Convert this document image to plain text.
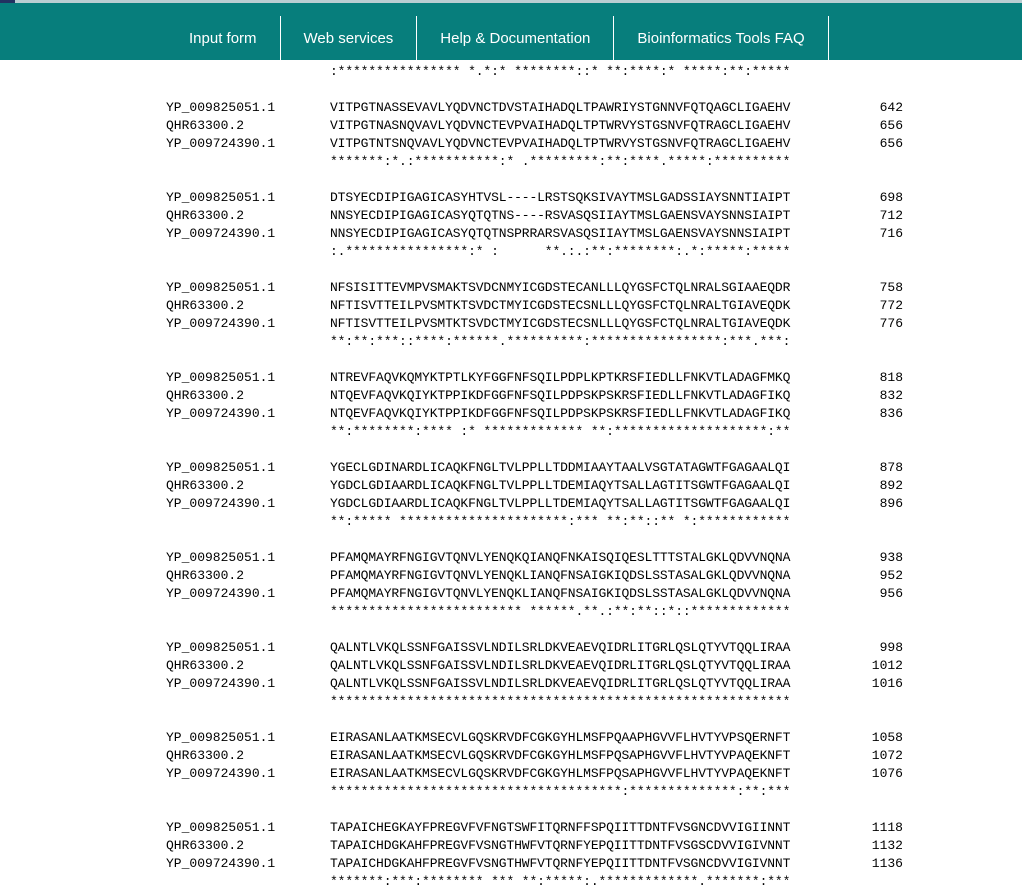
Input form	Web services	Help & Documentation	Bioinformatics Tools FAQ
:**************** *.*:* ********::* **:****:* *****:**:*****
YP_009825051.1	VITPGTNASSEVAVLYQDVNCTDVSTAIHADQLTPAWRIYSTGNNVFQTQAGCLIGAEHV	642
QHR63300.2	VITPGTNASNQVAVLYQDVNCTEVPVAIHADQLTPTWRVYSTGSNVFQTRAGCLIGAEHV	656
YP_009724390.1	VITPGTNTSNQVAVLYQDVNCTEVPVAIHADQLTPTWRVYSTGSNVFQTRAGCLIGAEHV	656
*******:*.:***********:* .*********:**:****.*****:**********
YP_009825051.1	DTSYECDIPIGAGICASYHTVSL----LRSTSQKSIVAYTMSLGADSSIAYSNNTIAIPT	698
QHR63300.2	NNSYECDIPIGAGICASYQTQTNS----RSVASQSIIAYTMSLGAENSVAYSNNSIAIPT	712
YP_009724390.1	NNSYECDIPIGAGICASYQTQTNSPRRARSVASQSIIAYTMSLGAENSVAYSNNSIAIPT	716
:.****************:* :      **.:.:**:********:.*:*****:*****
YP_009825051.1	NFSISITTEVMPVSMAKTSVDCNMYICGDSTECANLLLQYGSFCTQLNRALSGIAAEQDR	758
QHR63300.2	NFTISVTTEILPVSMTKTSVDCTMYICGDSTECSNLLLQYGSFCTQLNRALTGIAVEQDK	772
YP_009724390.1	NFTISVTTEILPVSMTKTSVDCTMYICGDSTECSNLLLQYGSFCTQLNRALTGIAVEQDK	776
**:**:***::****:******.**********:*****************:***.***:
YP_009825051.1	NTREVFAQVKQMYKTPTLKYFGGFNFSQILPDPLKPTKRSFIEDLLFNKVTLADAGFMKQ	818
QHR63300.2	NTQEVFAQVKQIYKTPPIKDFGGFNFSQILPDPSKPSKRSFIEDLLFNKVTLADAGFIKQ	832
YP_009724390.1	NTQEVFAQVKQIYKTPPIKDFGGFNFSQILPDPSKPSKRSFIEDLLFNKVTLADAGFIKQ	836
**:********:**** :* ************* **:********************:**
YP_009825051.1	YGECLGDINARDLICAQKFNGLTVLPPLLTDDMIAAYTAALVSGTATAGWTFGAGAALQI	878
QHR63300.2	YGDCLGDIAARDLICAQKFNGLTVLPPLLTDEMIAQYTSALLAGTITSGWTFGAGAALQI	892
YP_009724390.1	YGDCLGDIAARDLICAQKFNGLTVLPPLLTDEMIAQYTSALLAGTITSGWTFGAGAALQI	896
**:***** **********************:*** **:**::** *:************
YP_009825051.1	PFAMQMAYRFNGIGVTQNVLYENQKQIANQFNKAISQIQESLTTTSTALGKLQDVVNQNA	938
QHR63300.2	PFAMQMAYRFNGIGVTQNVLYENQKLIANQFNSAIGKIQDSLSSTASALGKLQDVVNQNA	952
YP_009724390.1	PFAMQMAYRFNGIGVTQNVLYENQKLIANQFNSAIGKIQDSLSSTASALGKLQDVVNQNA	956
************************* ******.**.:**:**::*::*************
YP_009825051.1	QALNTLVKQLSSNFGAISSVLNDILSRLDKVEAEVQIDRLITGRLQSLQTYVTQQLIRAA	998
QHR63300.2	QALNTLVKQLSSNFGAISSVLNDILSRLDKVEAEVQIDRLITGRLQSLQTYVTQQLIRAA	1012
YP_009724390.1	QALNTLVKQLSSNFGAISSVLNDILSRLDKVEAEVQIDRLITGRLQSLQTYVTQQLIRAA	1016
************************************************************
YP_009825051.1	EIRASANLAATKMSECVLGQSKRVDFCGKGYHLMSFPQAAPHGVVFLHVTYVPSQERNFT	1058
QHR63300.2	EIRASANLAATKMSECVLGQSKRVDFCGKGYHLMSFPQSAPHGVVFLHVTYVPAQEKNFT	1072
YP_009724390.1	EIRASANLAATKMSECVLGQSKRVDFCGKGYHLMSFPQSAPHGVVFLHVTYVPAQEKNFT	1076
**************************************:**************:**:***
YP_009825051.1	TAPAICHEGKAYFPREGVFVFNGTSWFITQRNFFSPQIITTDNTFVSGNCDVVIGIINNT	1118
QHR63300.2	TAPAICHDGKAHFPREGVFVSNGTHWFVTQRNFYEPQIITTDNTFVSGSCDVVIGIVNNT	1132
YP_009724390.1	TAPAICHDGKAHFPREGVFVSNGTHWFVTQRNFYEPQIITTDNTFVSGNCDVVIGIVNNT	1136
*******:***:******** *** **:*****:.*************.*******:***
